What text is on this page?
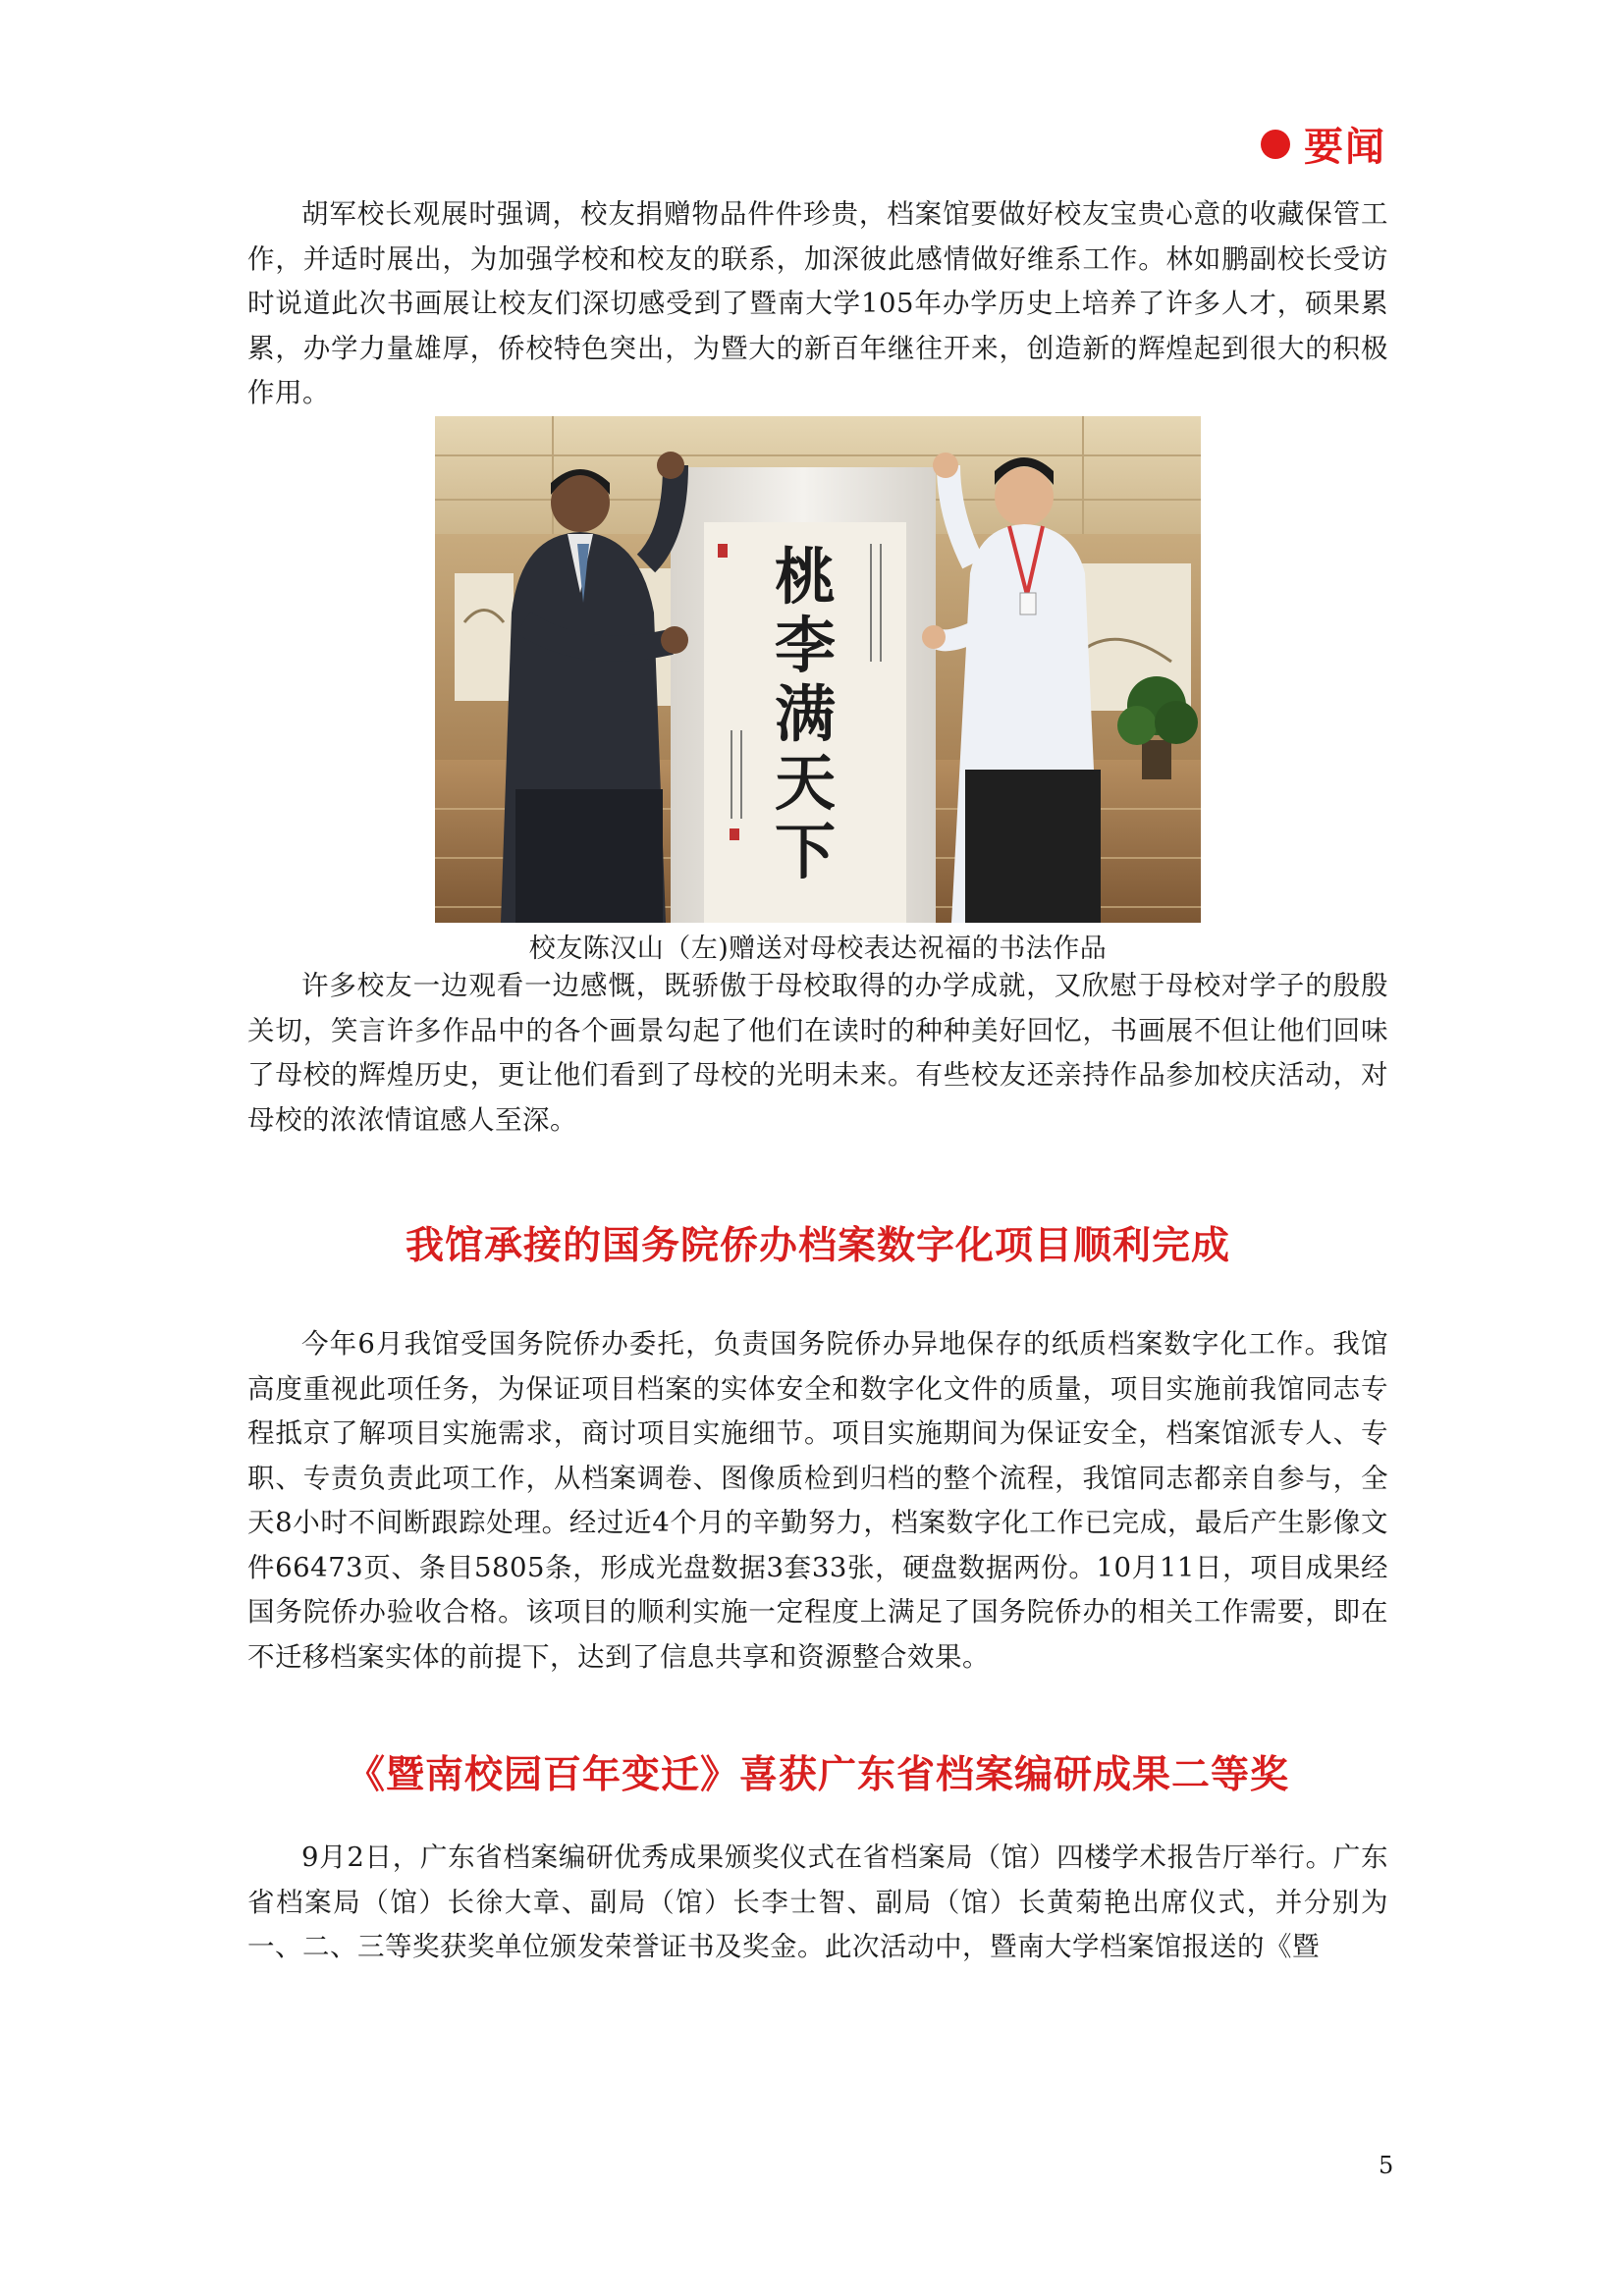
要闻

胡军校长观展时强调，校友捐赠物品件件珍贵，档案馆要做好校友宝贵心意的收藏保管工作，并适时展出，为加强学校和校友的联系，加深彼此感情做好维系工作。林如鹏副校长受访时说道此次书画展让校友们深切感受到了暨南大学105年办学历史上培养了许多人才，硕果累累，办学力量雄厚，侨校特色突出，为暨大的新百年继往开来，创造新的辉煌起到很大的积极作用。

桃
李
满
天
下
校友陈汉山（左)赠送对母校表达祝福的书法作品

许多校友一边观看一边感慨，既骄傲于母校取得的办学成就，又欣慰于母校对学子的殷殷关切，笑言许多作品中的各个画景勾起了他们在读时的种种美好回忆，书画展不但让他们回味了母校的辉煌历史，更让他们看到了母校的光明未来。有些校友还亲持作品参加校庆活动，对母校的浓浓情谊感人至深。

我馆承接的国务院侨办档案数字化项目顺利完成

今年6月我馆受国务院侨办委托，负责国务院侨办异地保存的纸质档案数字化工作。我馆高度重视此项任务，为保证项目档案的实体安全和数字化文件的质量，项目实施前我馆同志专程抵京了解项目实施需求，商讨项目实施细节。项目实施期间为保证安全，档案馆派专人、专职、专责负责此项工作，从档案调卷、图像质检到归档的整个流程，我馆同志都亲自参与，全天8小时不间断跟踪处理。经过近4个月的辛勤努力，档案数字化工作已完成，最后产生影像文件66473页、条目5805条，形成光盘数据3套33张，硬盘数据两份。10月11日，项目成果经国务院侨办验收合格。该项目的顺利实施一定程度上满足了国务院侨办的相关工作需要，即在不迁移档案实体的前提下，达到了信息共享和资源整合效果。

《暨南校园百年变迁》喜获广东省档案编研成果二等奖

9月2日，广东省档案编研优秀成果颁奖仪式在省档案局（馆）四楼学术报告厅举行。广东省档案局（馆）长徐大章、副局（馆）长李士智、副局（馆）长黄菊艳出席仪式，并分别为一、二、三等奖获奖单位颁发荣誉证书及奖金。此次活动中，暨南大学档案馆报送的《暨

5
